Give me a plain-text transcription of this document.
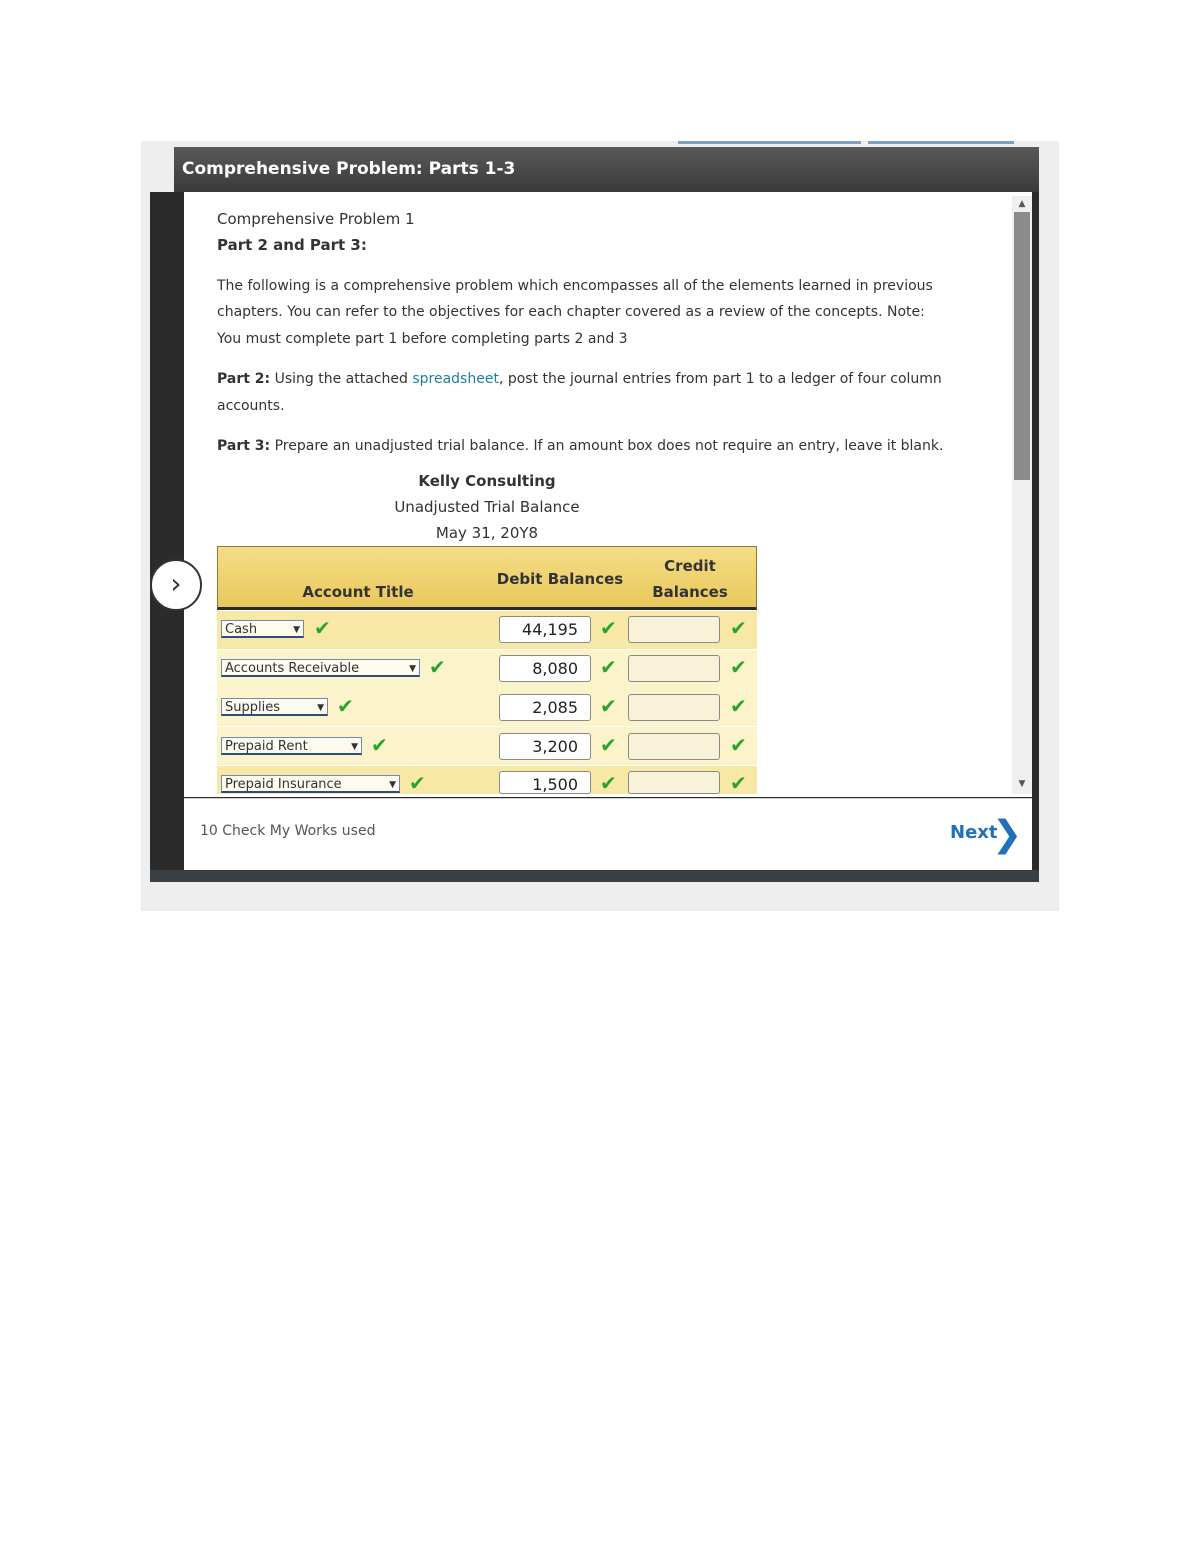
Comprehensive Problem: Parts 1-3
▲
▼
Comprehensive Problem 1
Part 2 and Part 3:
The following is a comprehensive problem which encompasses all of the elements learned in previous
chapters. You can refer to the objectives for each chapter covered as a review of the concepts. Note:
You must complete part 1 before completing parts 2 and 3
Part 2: Using the attached spreadsheet, post the journal entries from part 1 to a ledger of four column
accounts.
Part 3: Prepare an unadjusted trial balance. If an amount box does not require an entry, leave it blank.
Kelly Consulting
Unadjusted Trial Balance
May 31, 20Y8
Account Title
Debit Balances
Credit
Balances
Cash	▼ ✔	44,195	✔	✔
Accounts Receivable	▼ ✔	8,080	✔	✔
Supplies	▼ ✔	2,085	✔	✔
Prepaid Rent	▼ ✔	3,200	✔	✔
Prepaid Insurance	▼ ✔	1,500	✔	✔
›
10 Check My Works used	Next
❯
